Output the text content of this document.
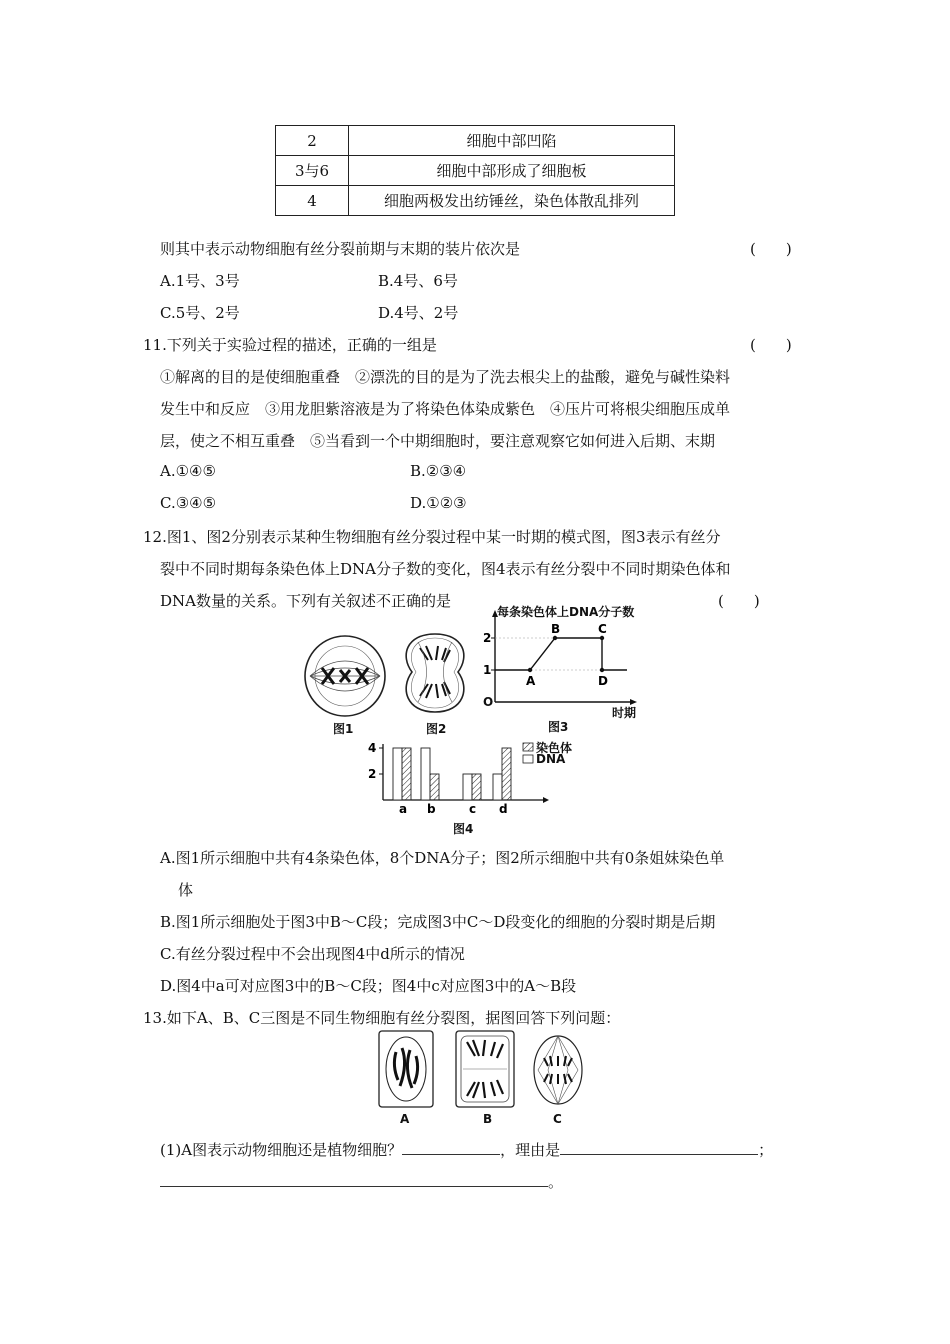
2	细胞中部凹陷
3与6	细胞中部形成了细胞板
4	细胞两极发出纺锤丝，染色体散乱排列
则其中表示动物细胞有丝分裂前期与末期的装片依次是	(　　)
A.1号、3号	B.4号、6号
C.5号、2号	D.4号、2号
11.下列关于实验过程的描述，正确的一组是	(　　)
①解离的目的是使细胞重叠　②漂洗的目的是为了洗去根尖上的盐酸，避免与碱性染料
发生中和反应　③用龙胆紫溶液是为了将染色体染成紫色　④压片可将根尖细胞压成单
层，使之不相互重叠　⑤当看到一个中期细胞时，要注意观察它如何进入后期、末期
A.①④⑤	B.②③④
C.③④⑤	D.①②③
12.图1、图2分别表示某种生物细胞有丝分裂过程中某一时期的模式图，图3表示有丝分
裂中不同时期每条染色体上DNA分子数的变化，图4表示有丝分裂中不同时期染色体和
DNA数量的关系。下列有关叙述不正确的是	(　　)
图1	图2
1
2
A
B	C
D
每条染色体上DNA分子数
O
时期
图3
2
4
a b	c d
染色体
DNA
图4
A.图1所示细胞中共有4条染色体，8个DNA分子；图2所示细胞中共有0条姐妹染色单
体
B.图1所示细胞处于图3中B～C段；完成图3中C～D段变化的细胞的分裂时期是后期
C.有丝分裂过程中不会出现图4中d所示的情况
D.图4中a可对应图3中的B～C段；图4中c对应图3中的A～B段
13.如下A、B、C三图是不同生物细胞有丝分裂图，据图回答下列问题：
A	B	C
(1)A图表示动物细胞还是植物细胞？	，理由是	；
。
